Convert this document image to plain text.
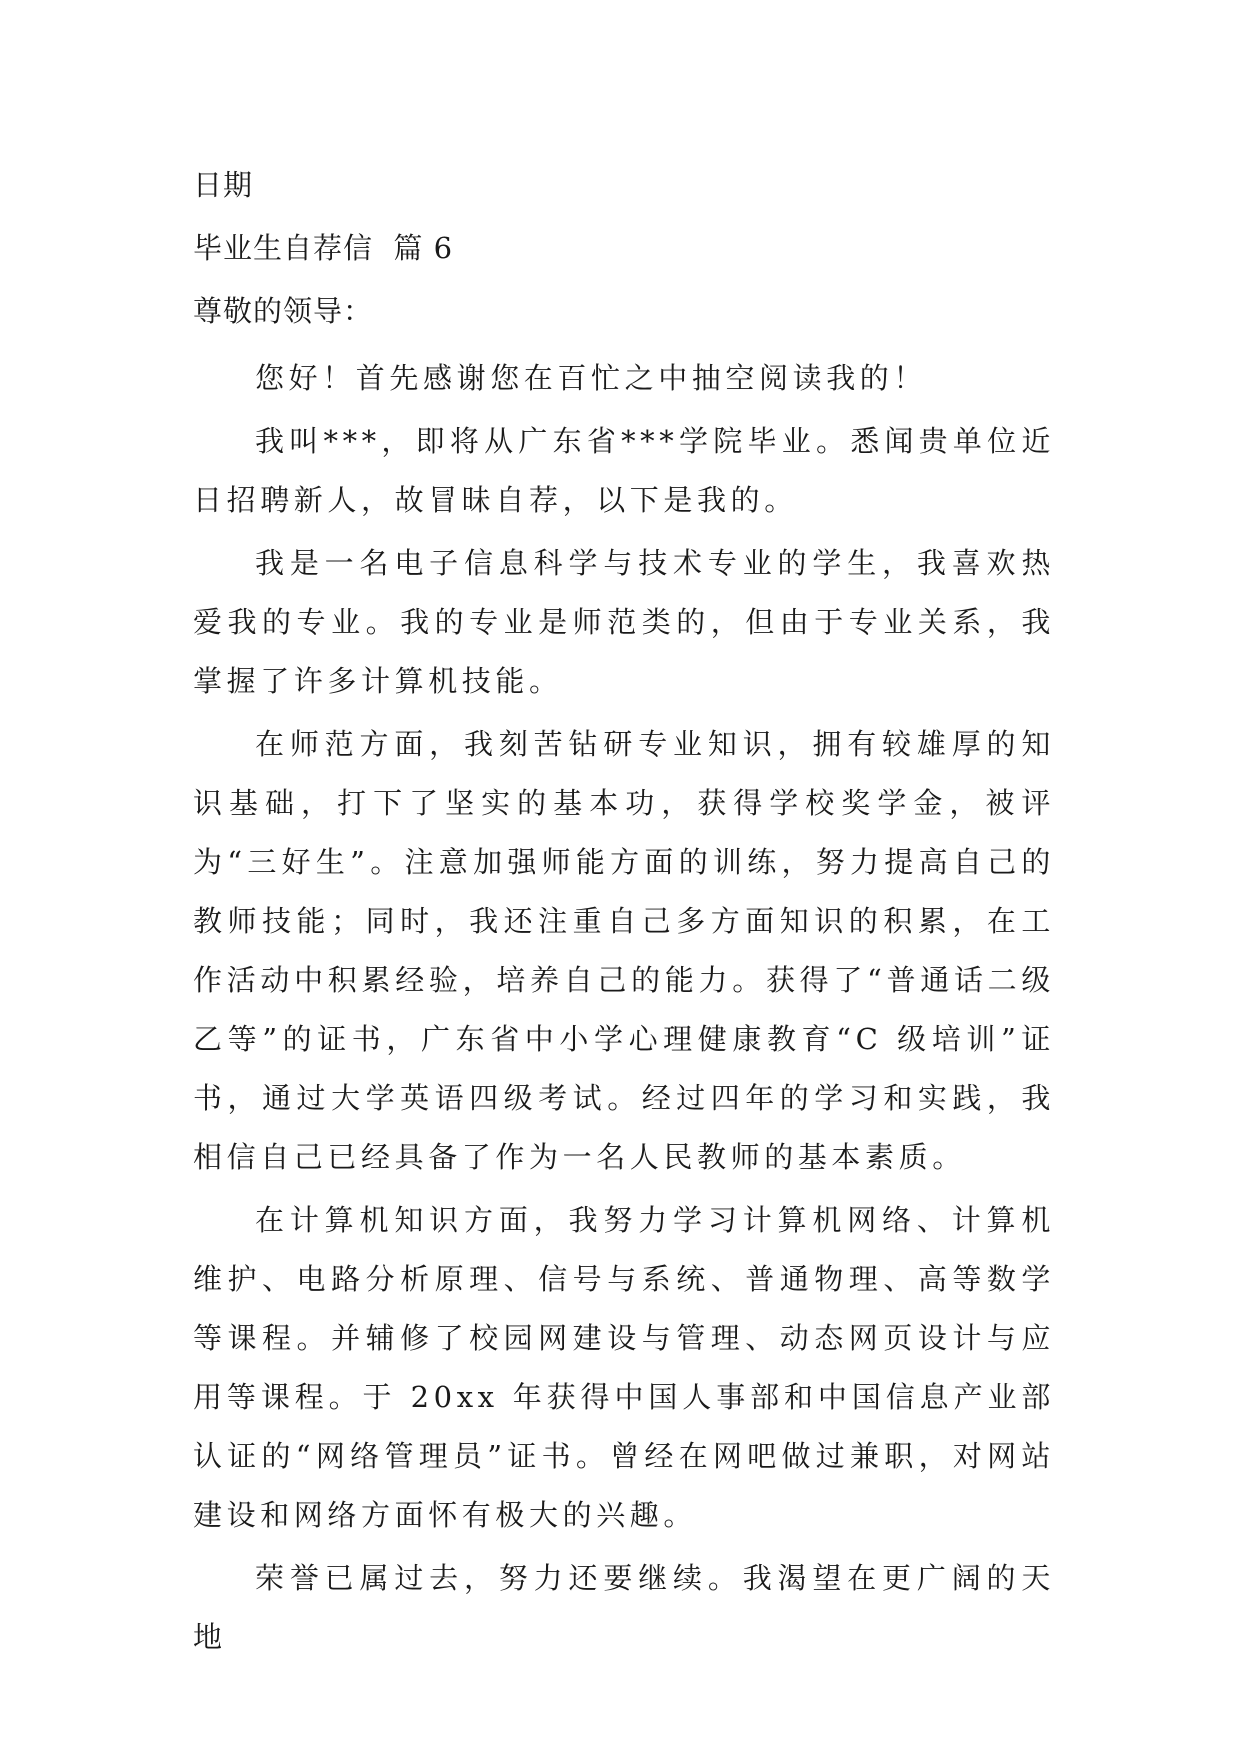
日期
毕业生自荐信  篇 6
尊敬的领导：

您好！首先感谢您在百忙之中抽空阅读我的！

我叫***，即将从广东省***学院毕业。悉闻贵单位近日招聘新人，故冒昧自荐，以下是我的。

我是一名电子信息科学与技术专业的学生，我喜欢热爱我的专业。我的专业是师范类的，但由于专业关系，我掌握了许多计算机技能。

在师范方面，我刻苦钻研专业知识，拥有较雄厚的知识基础，打下了坚实的基本功，获得学校奖学金，被评为“三好生”。注意加强师能方面的训练，努力提高自己的教师技能；同时，我还注重自己多方面知识的积累，在工作活动中积累经验，培养自己的能力。获得了“普通话二级乙等”的证书，广东省中小学心理健康教育“C 级培训”证书，通过大学英语四级考试。经过四年的学习和实践，我相信自己已经具备了作为一名人民教师的基本素质。

在计算机知识方面，我努力学习计算机网络、计算机维护、电路分析原理、信号与系统、普通物理、高等数学等课程。并辅修了校园网建设与管理、动态网页设计与应用等课程。于 20xx 年获得中国人事部和中国信息产业部认证的“网络管理员”证书。曾经在网吧做过兼职，对网站建设和网络方面怀有极大的兴趣。

荣誉已属过去，努力还要继续。我渴望在更广阔的天地
